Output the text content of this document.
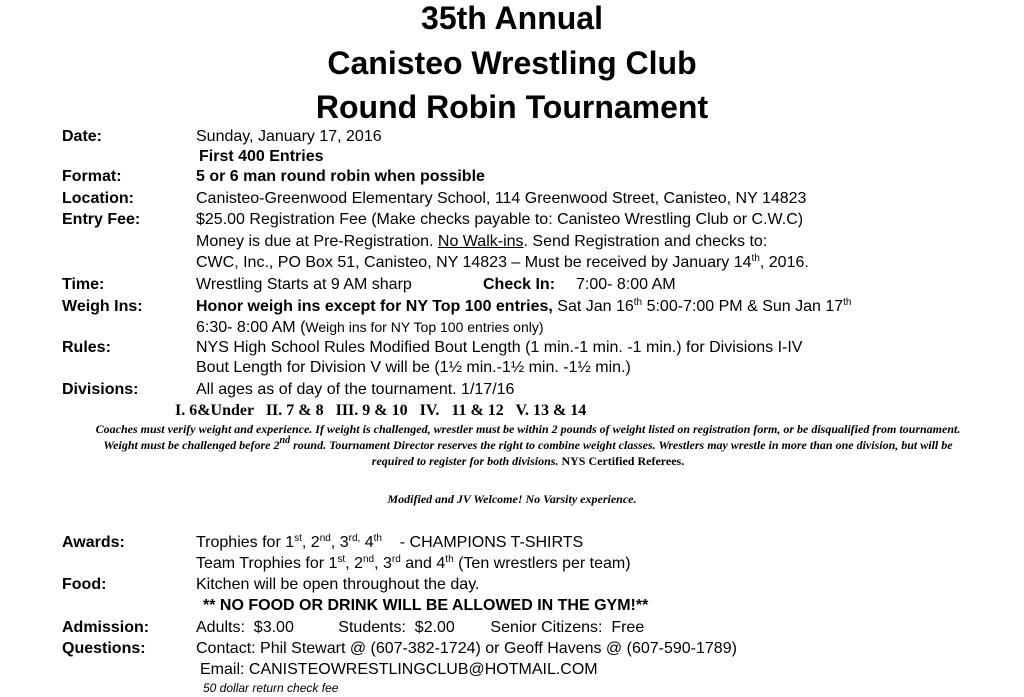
35th Annual
Canisteo Wrestling Club
Round Robin Tournament
Date:	Sunday, January 17, 2016
First 400 Entries
Format:	5 or 6 man round robin when possible
Location:	Canisteo-Greenwood Elementary School, 114 Greenwood Street, Canisteo, NY 14823
Entry Fee:	$25.00 Registration Fee (Make checks payable to: Canisteo Wrestling Club or C.W.C)
Money is due at Pre-Registration. No Walk-ins. Send Registration and checks to:
CWC, Inc., PO Box 51, Canisteo, NY 14823 – Must be received by January 14th, 2016.
Time:	Wrestling Starts at 9 AM sharp	Check In: 7:00- 8:00 AM
Weigh Ins:	Honor weigh ins except for NY Top 100 entries, Sat Jan 16th 5:00-7:00 PM & Sun Jan 17th
6:30- 8:00 AM (Weigh ins for NY Top 100 entries only)
Rules:	NYS High School Rules Modified Bout Length (1 min.-1 min. -1 min.) for Divisions I-IV
Bout Length for Division V will be (1½ min.-1½ min. -1½ min.)
Divisions:	All ages as of day of the tournament. 1/17/16
I. 6&Under   II. 7 & 8   III. 9 & 10   IV.   11 & 12   V. 13 & 14
Coaches must verify weight and experience. If weight is challenged, wrestler must be within 2 pounds of weight listed on registration form, or be disqualified from tournament. Weight must be challenged before 2nd round. Tournament Director reserves the right to combine weight classes. Wrestlers may wrestle in more than one division, but will be required to register for both divisions. NYS Certified Referees.
Modified and JV Welcome! No Varsity experience.
Awards:	Trophies for 1st, 2nd, $3^{rd,}$ 4th    - CHAMPIONS T-SHIRTS
Team Trophies for 1st, 2nd, 3rd and 4th (Ten wrestlers per team)
Food:	Kitchen will be open throughout the day.
** NO FOOD OR DRINK WILL BE ALLOWED IN THE GYM!**
Admission:	Adults:  $3.00          Students:  $2.00        Senior Citizens:  Free
Questions:	Contact: Phil Stewart @ (607-382-1724) or Geoff Havens @ (607-590-1789)
Email: CANISTEOWRESTLINGCLUB@HOTMAIL.COM
50 dollar return check fee
